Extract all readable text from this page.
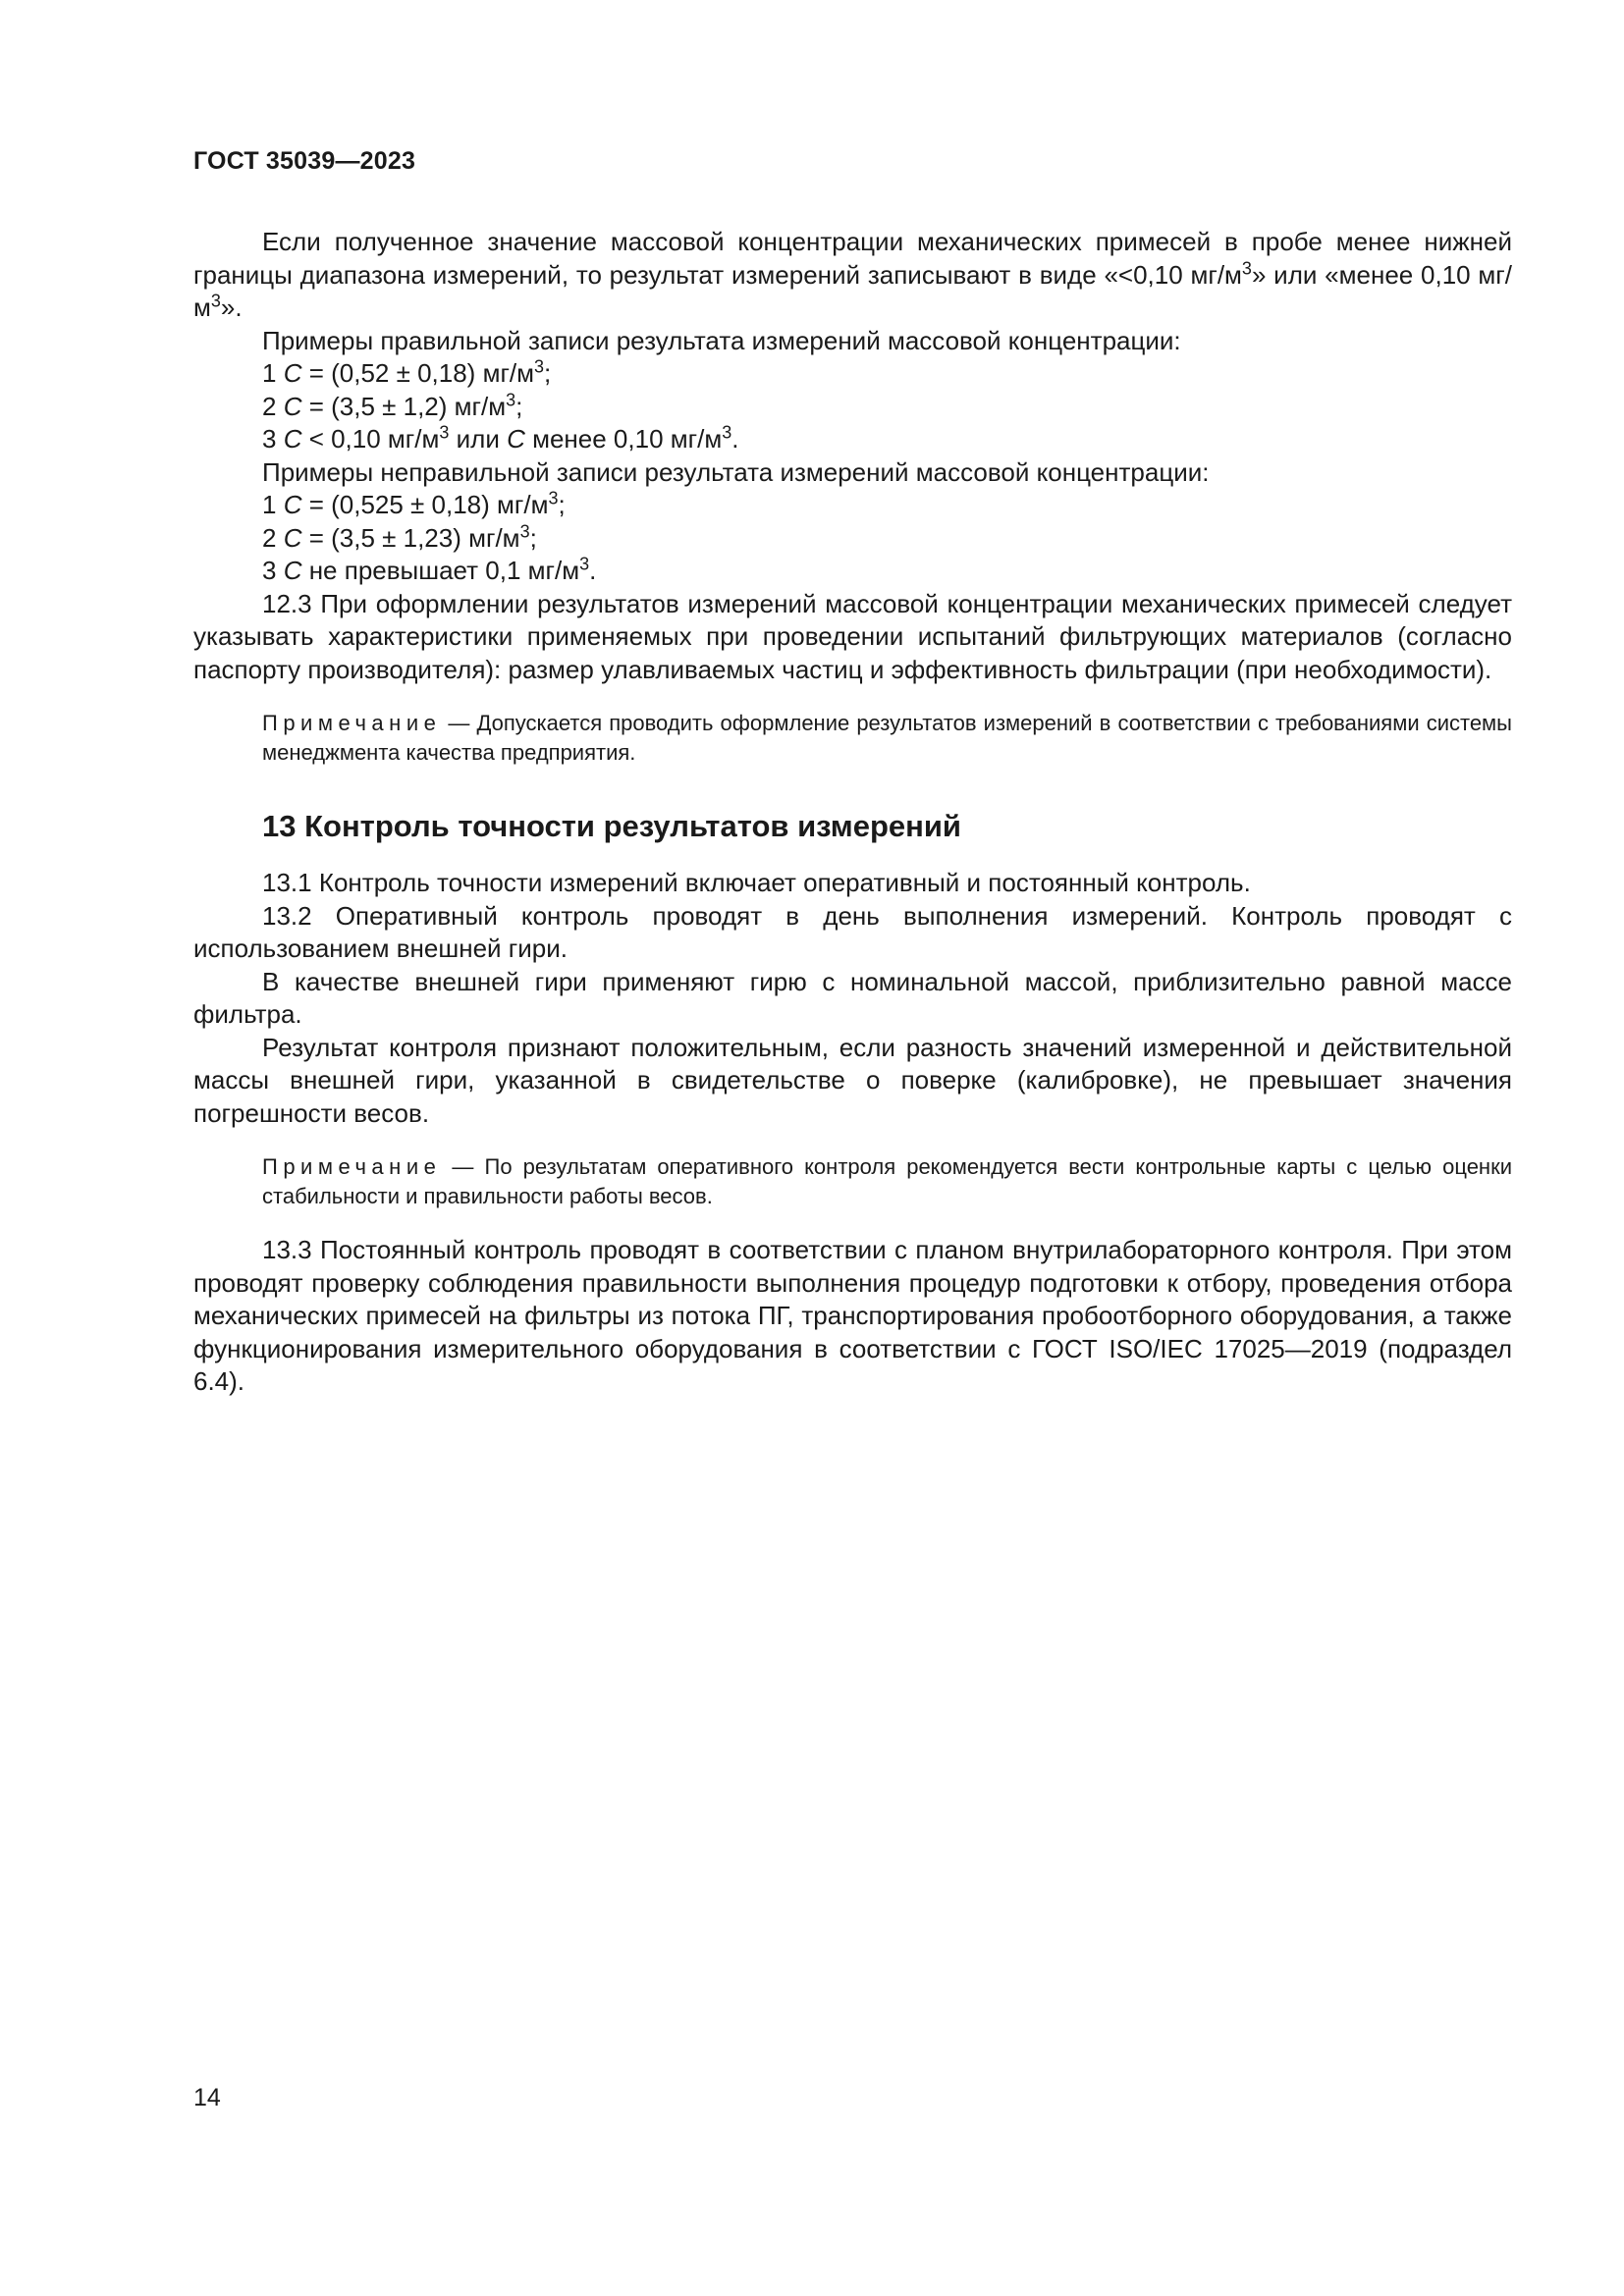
ГОСТ 35039—2023

Если полученное значение массовой концентрации механических примесей в пробе менее нижней границы диапазона измерений, то результат измерений записывают в виде «<0,10 $мг/м^3$» или «менее 0,10 $мг/м^3$».

Примеры правильной записи результата измерений массовой концентрации:

1 C = (0,52 ± 0,18) $мг/м^3$;

2 C = (3,5 ± 1,2) $мг/м^3$;

3 C < 0,10 $мг/м^3$ или C менее 0,10 $мг/м^3$.

Примеры неправильной записи результата измерений массовой концентрации:

1 C = (0,525 ± 0,18) $мг/м^3$;

2 C = (3,5 ± 1,23) $мг/м^3$;

3 C не превышает 0,1 $мг/м^3$.

12.3 При оформлении результатов измерений массовой концентрации механических примесей следует указывать характеристики применяемых при проведении испытаний фильтрующих материалов (согласно паспорту производителя): размер улавливаемых частиц и эффективность фильтрации (при необходимости).

Примечание — Допускается проводить оформление результатов измерений в соответствии с требованиями системы менеджмента качества предприятия.

13 Контроль точности результатов измерений

13.1 Контроль точности измерений включает оперативный и постоянный контроль.

13.2 Оперативный контроль проводят в день выполнения измерений. Контроль проводят с использованием внешней гири.

В качестве внешней гири применяют гирю с номинальной массой, приблизительно равной массе фильтра.

Результат контроля признают положительным, если разность значений измеренной и действительной массы внешней гири, указанной в свидетельстве о поверке (калибровке), не превышает значения погрешности весов.

Примечание — По результатам оперативного контроля рекомендуется вести контрольные карты с целью оценки стабильности и правильности работы весов.

13.3 Постоянный контроль проводят в соответствии с планом внутрилабораторного контроля. При этом проводят проверку соблюдения правильности выполнения процедур подготовки к отбору, проведения отбора механических примесей на фильтры из потока ПГ, транспортирования пробоотборного оборудования, а также функционирования измерительного оборудования в соответствии с ГОСТ ISO/IEC 17025—2019 (подраздел 6.4).

14
